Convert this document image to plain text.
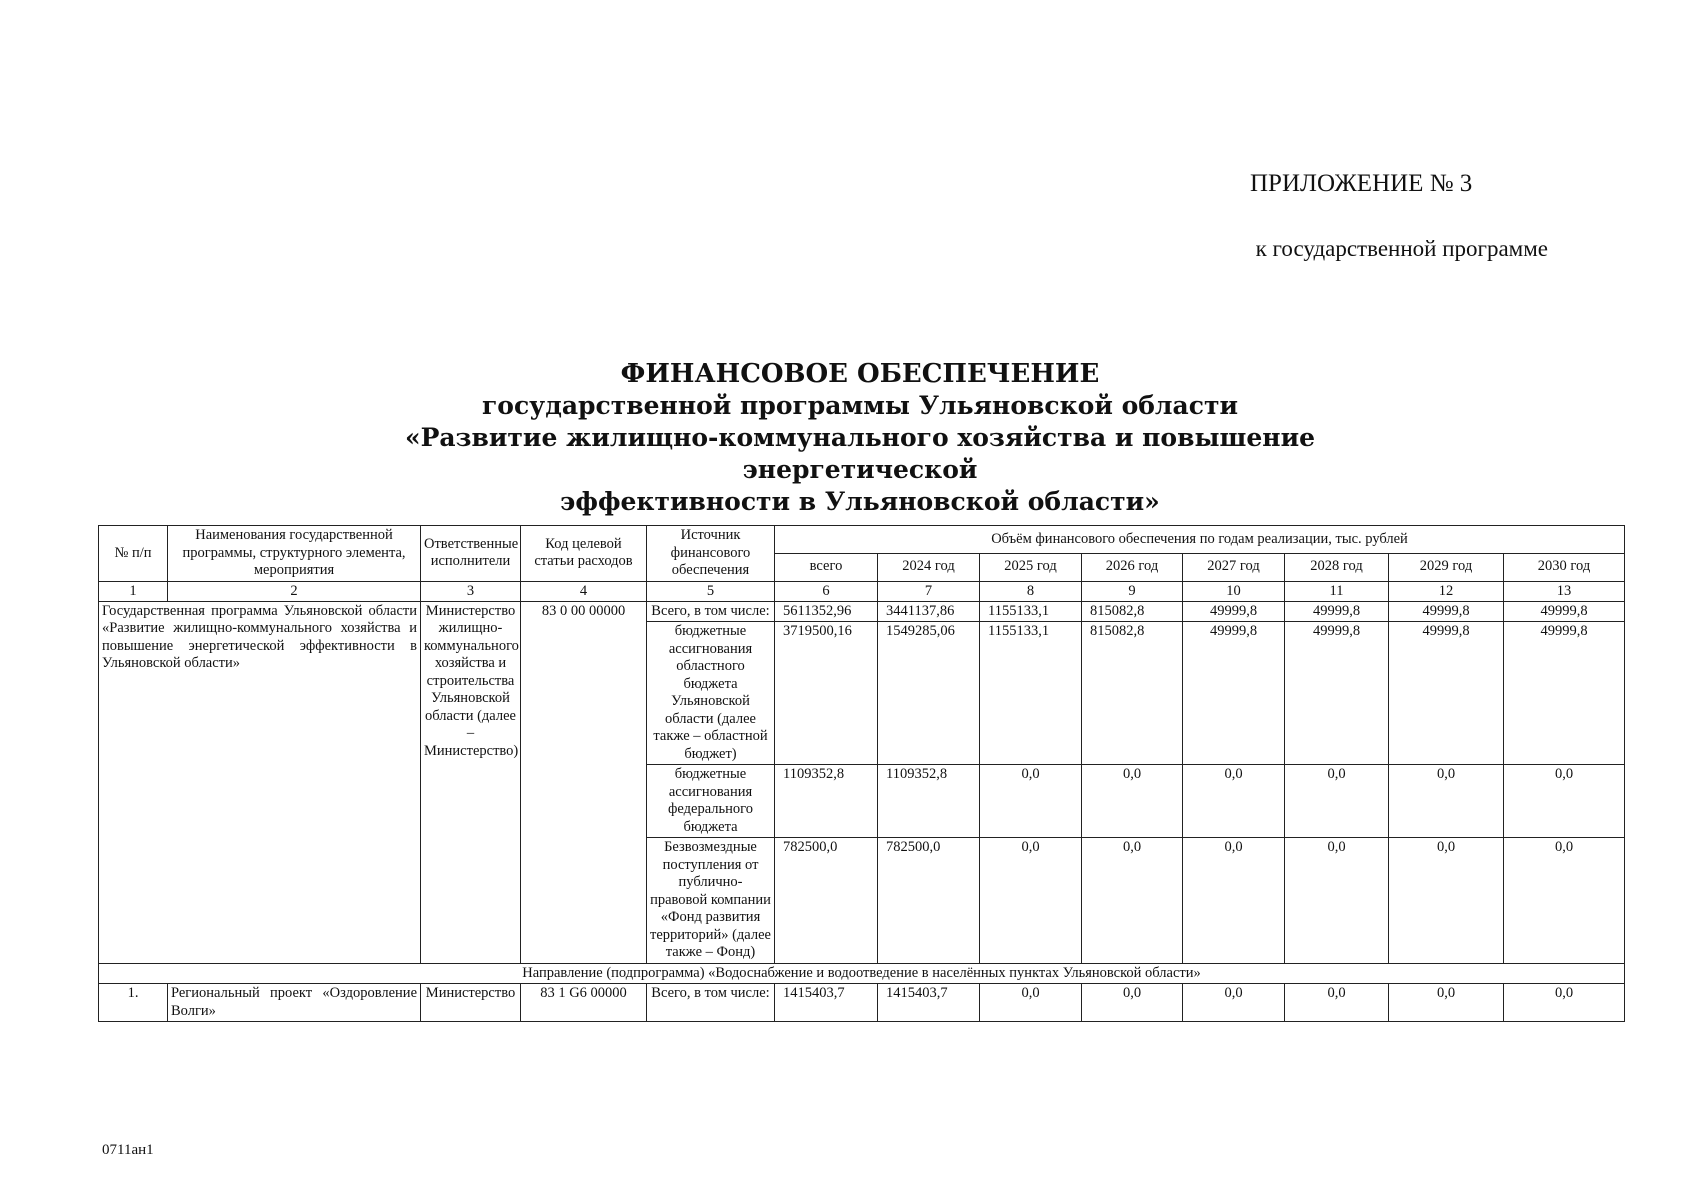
ПРИЛОЖЕНИЕ № 3
к государственной программе
ФИНАНСОВОЕ ОБЕСПЕЧЕНИЕ
государственной программы Ульяновской области
«Развитие жилищно-коммунального хозяйства и повышение энергетической
эффективности в Ульяновской области»
№ п/п	Наименования государственной программы, структурного элемента, мероприятия	Ответственные исполнители	Код целевой статьи расходов	Источник финансового обеспечения	Объём финансового обеспечения по годам реализации, тыс. рублей							
					всего	2024 год	2025 год	2026 год	2027 год	2028 год	2029 год	2030 год
1	2	3	4	5	6	7	8	9	10	11	12	13
Государственная программа Ульяновской области «Развитие жилищно-коммунального хозяйства и повышение энергетической эффективности в Ульяновской области»		Министерство жилищно-коммунального хозяйства и строительства Ульяновской области (далее – Министерство)	83 0 00 00000	Всего, в том числе:	5611352,96	3441137,86	1155133,1	815082,8	49999,8	49999,8	49999,8	49999,8
				бюджетные ассигнования областного бюджета Ульяновской области (далее также – областной бюджет)	3719500,16	1549285,06	1155133,1	815082,8	49999,8	49999,8	49999,8	49999,8
				бюджетные ассигнования федерального бюджета	1109352,8	1109352,8	0,0	0,0	0,0	0,0	0,0	0,0
				Безвозмездные поступления от публично-правовой компании «Фонд развития территорий» (далее также – Фонд)	782500,0	782500,0	0,0	0,0	0,0	0,0	0,0	0,0
Направление (подпрограмма) «Водоснабжение и водоотведение в населённых пунктах Ульяновской области»												
1.	Региональный проект «Оздоровление Волги»	Министерство	83 1 G6 00000	Всего, в том числе:	1415403,7	1415403,7	0,0	0,0	0,0	0,0	0,0	0,0
0711ан1
